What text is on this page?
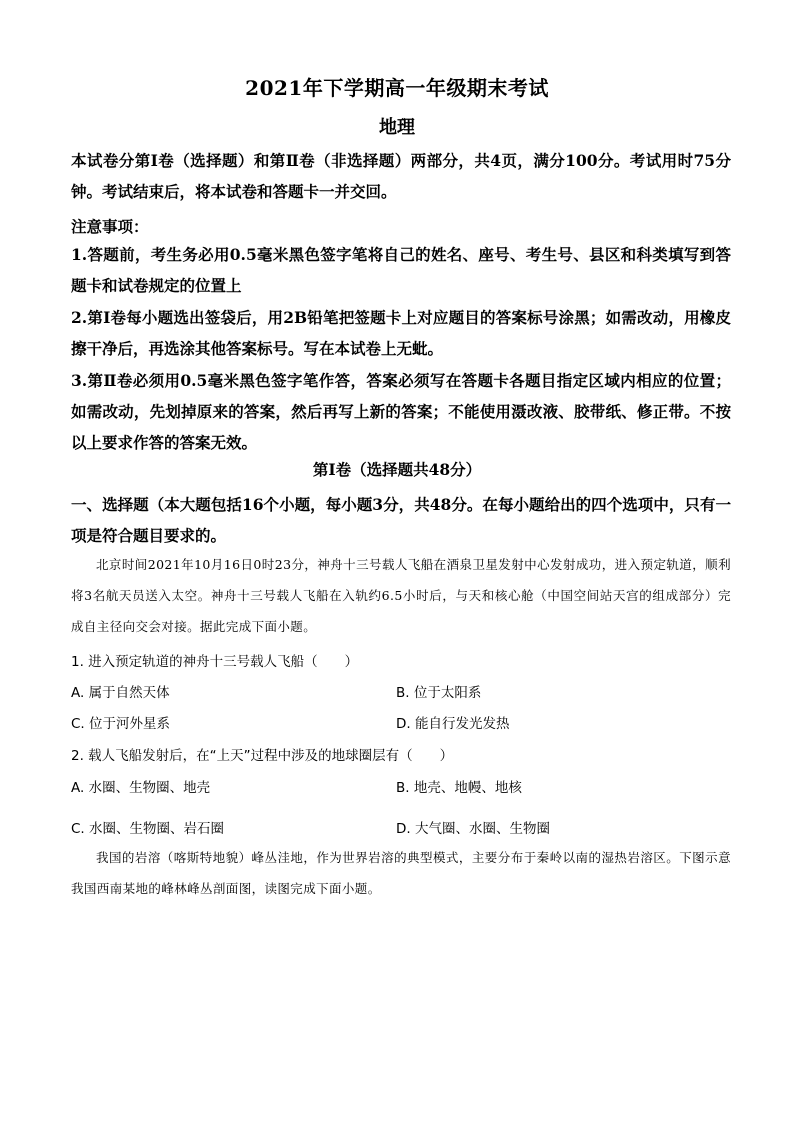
2021年下学期高一年级期末考试
地理
本试卷分第Ⅰ卷（选择题）和第Ⅱ卷（非选择题）两部分，共4页，满分100分。考试用时75分钟。考试结束后，将本试卷和答题卡一并交回。
注意事项：
1.答题前，考生务必用0.5毫米黑色签字笔将自己的姓名、座号、考生号、县区和科类填写到答题卡和试卷规定的位置上
2.第Ⅰ卷每小题选出签袋后，用2B铅笔把签题卡上对应题目的答案标号涂黑；如需改动，用橡皮擦干净后，再选涂其他答案标号。写在本试卷上无蚍。
3.第Ⅱ卷必须用0.5毫米黑色签字笔作答，答案必须写在答题卡各题目指定区域内相应的位置；如需改动，先划掉原来的答案，然后再写上新的答案；不能使用滠改液、胶带纸、修正带。不按以上要求作答的答案无效。
第Ⅰ卷（选择题共48分）
一、选择题（本大题包括16个小题，每小题3分，共48分。在每小题给出的四个选项中，只有一项是符合题目要求的。
北京时间2021年10月16日0时23分，神舟十三号载人飞船在酒泉卫星发射中心发射成功，进入预定轨道，顺利将3名航天员送入太空。神舟十三号载人飞船在入轨约6.5小时后，与天和核心舱（中国空间站天宫的组成部分）完成自主径向交会对接。据此完成下面小题。
1. 进入预定轨道的神舟十三号载人飞船（　　）
A. 属于自然天体	B. 位于太阳系
C. 位于河外星系	D. 能自行发光发热
2. 载人飞船发射后，在“上天”过程中涉及的地球圈层有（　　）
A. 水圈、生物圈、地壳	B. 地壳、地幔、地核
C. 水圈、生物圈、岩石圈	D. 大气圈、水圈、生物圈
我国的岩溶（喀斯特地貌）峰丛洼地，作为世界岩溶的典型模式，主要分布于秦岭以南的湿热岩溶区。下图示意我国西南某地的峰林峰丛剖面图，读图完成下面小题。
